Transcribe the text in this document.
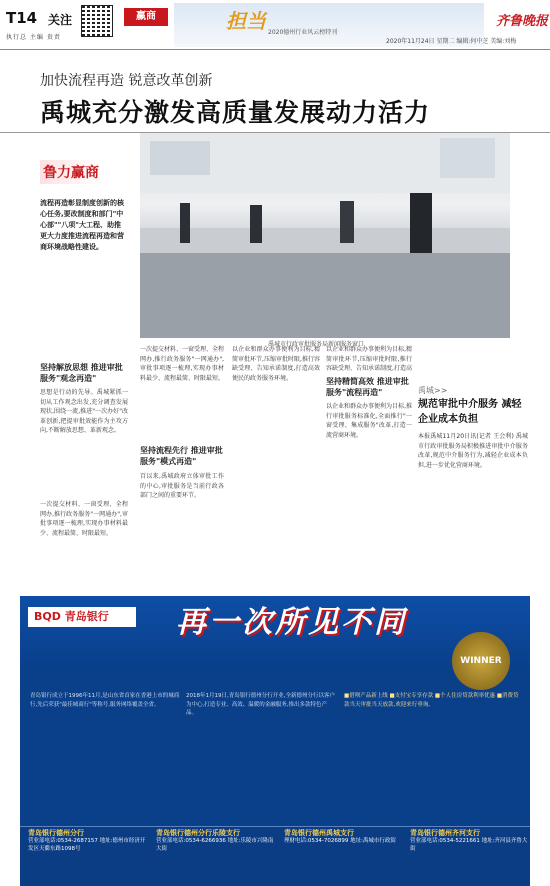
T14 关注
执行总 主编 贵责
赢商	担当 2020德州行业风云榜特刊
2020年11月24日 星期二 编辑:何中芝 美编:刘梅
齐鲁晚报
加快流程再造 锐意改革创新
禹城充分激发高质量发展动力活力
鲁力赢商
流程再造彰显制度创新的核心任务,要改制度和部门"中心部""八项"大工程、助推更大力度推进流程再造和营商环境战略性建设。
禹城市行政审批服务局新闻服务窗口
坚持解放思想 推进审批服务"观念再造"
思想是行动的先导。禹城紧抓一切从工作观念出发,充分调查发展现状,围绕一流,推进"一次办好"改革创新,把提审批效能作为主攻方向,不断解放思想、革新观念。
一次提交材料、一窗受理、全程网办,推行政务服务"一网通办",审批事项逐一梳理,实现办事材料最少、流程最简、时限最短。
一次提交材料、一窗受理、全程网办,推行政务服务"一网通办",审批事项逐一梳理,实现办事材料最少、流程最简、时限最短。
坚持流程先行 推进审批服务"模式再造"
百以来,禹城政府立体审批工作的中心,审批服务是当前行政各部门之间的重要环节。
以企业和群众办事便利为目标,精简审批环节,压缩审批时限,推行容缺受理、告知承诺制度,打造高效便民的政务服务环境。
以企业和群众办事便利为目标,精简审批环节,压缩审批时限,推行容缺受理、告知承诺制度,打造高
坚持精简高效 推进审批服务"流程再造"
以企业和群众办事便利为目标,推行审批服务标准化,全面推行"一窗受理、集成服务"改革,打造一流营商环境。
禹城>>
规范审批中介服务 减轻企业成本负担
本报禹城11月20日讯(记者 王会利) 禹城市行政审批服务局积极推进审批中介服务改革,规范中介服务行为,减轻企业成本负担,进一步优化营商环境。
BQD 青岛银行	再一次所见不同
WINNER
青岛银行成立于1996年11月,是山东省首家在香港上市的城商行,先后荣获"最佳城商行"等称号,服务网络覆盖全省。
2018年1月19日,青岛银行德州分行开业,全新德州分行以客户为中心,打造专业、高效、温暖的金融服务,推出多款特色产品。
■借呗产品新上线 ■支付宝专享存款 ■个人住房贷款利率优惠 ■消费贷款当天审批当天放款,欢迎来行垂询。
青岛银行德州分行
营业部电话:0534-2687157 地址:德州市经济开发区天衢东路1098号
青岛银行德州分行乐陵支行
营业部电话:0534-6266936 地址:乐陵市兴隆南大街
青岛银行德州禹城支行
理财电话:0534-7026899 地址:禹城市行政街
青岛银行德州齐河支行
营业部电话:0534-5221661 地址:齐河县齐鲁大街
